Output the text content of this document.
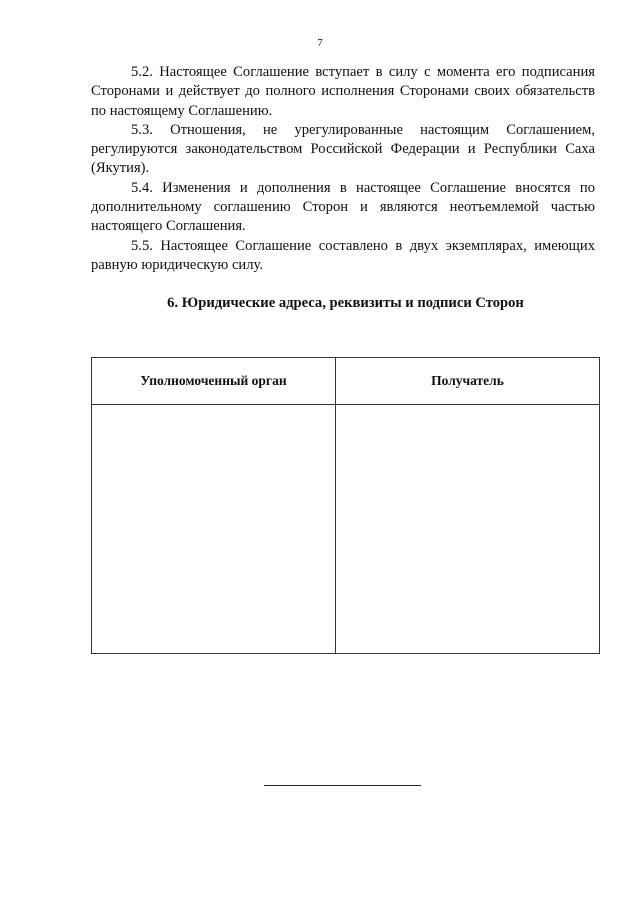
7

5.2. Настоящее Соглашение вступает в силу с момента его подписания Сторонами и действует до полного исполнения Сторонами своих обязательств по настоящему Соглашению.

5.3. Отношения, не урегулированные настоящим Соглашением, регулируются законодательством Российской Федерации и Республики Саха (Якутия).

5.4. Изменения и дополнения в настоящее Соглашение вносятся по дополнительному соглашению Сторон и являются неотъемлемой частью настоящего Соглашения.

5.5. Настоящее Соглашение составлено в двух экземплярах, имеющих равную юридическую силу.

6. Юридические адреса, реквизиты и подписи Сторон
Уполномоченный орган	Получатель
